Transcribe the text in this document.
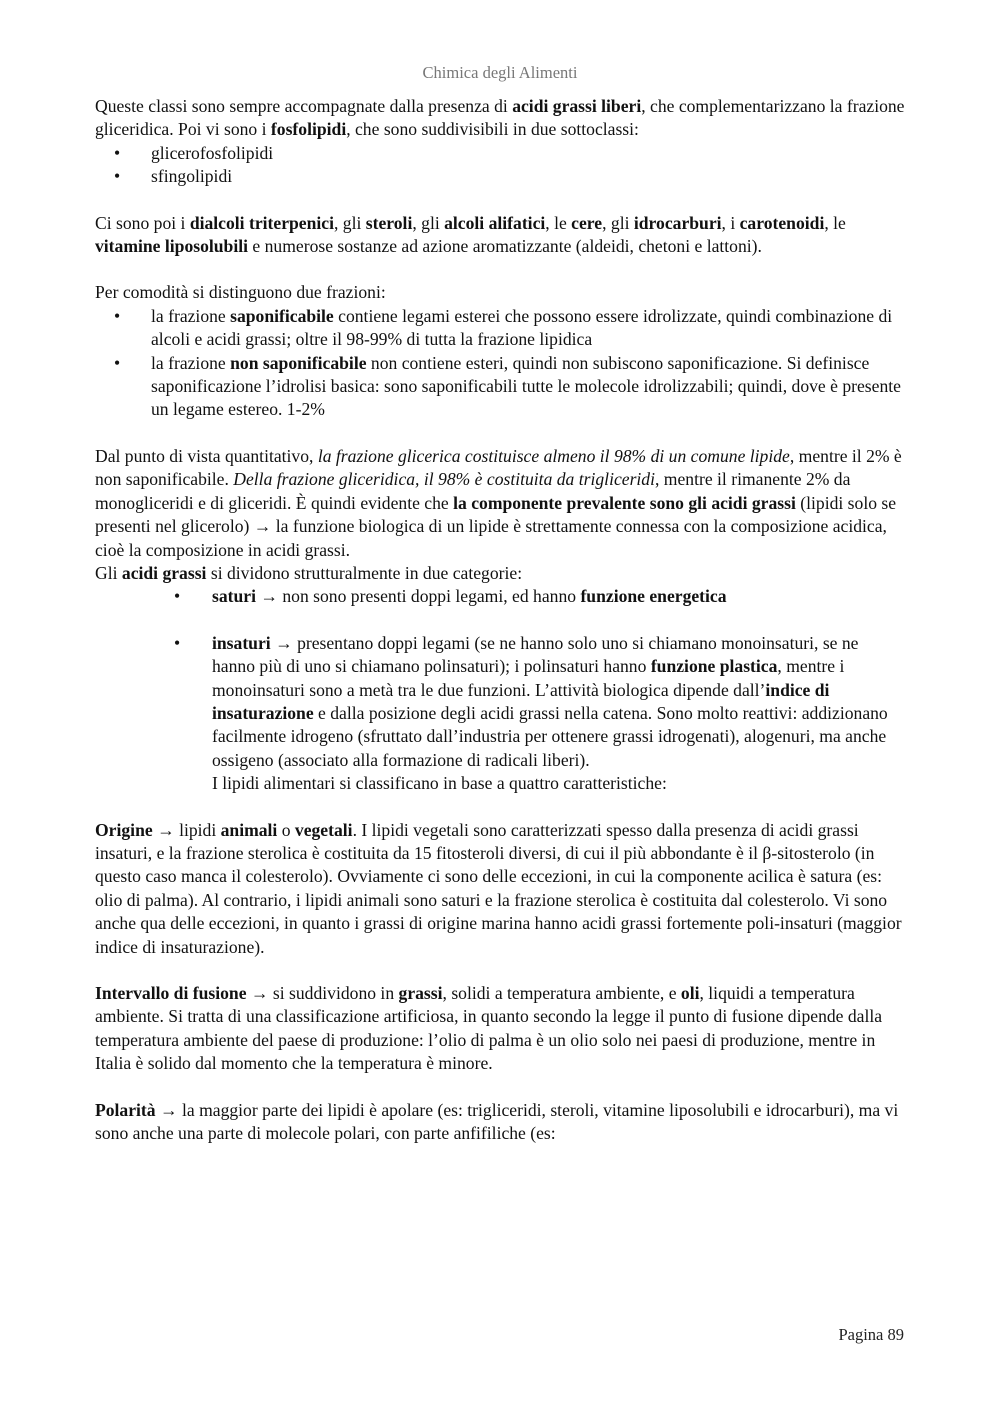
Chimica degli Alimenti

Queste classi sono sempre accompagnate dalla presenza di acidi grassi liberi, che complementarizzano la frazione gliceridica. Poi vi sono i fosfolipidi, che sono suddivisibili in due sottoclassi:

• glicerofosfolipidi
• sfingolipidi

Ci sono poi i dialcoli triterpenici, gli steroli, gli alcoli alifatici, le cere, gli idrocarburi, i carotenoidi, le vitamine liposolubili e numerose sostanze ad azione aromatizzante (aldeidi, chetoni e lattoni).

Per comodità si distinguono due frazioni:

• la frazione saponificabile contiene legami esterei che possono essere idrolizzate, quindi combinazione di alcoli e acidi grassi; oltre il 98-99% di tutta la frazione lipidica
• la frazione non saponificabile non contiene esteri, quindi non subiscono saponificazione. Si definisce saponificazione l’idrolisi basica: sono saponificabili tutte le molecole idrolizzabili; quindi, dove è presente un legame estereo. 1-2%

Dal punto di vista quantitativo, la frazione glicerica costituisce almeno il 98% di un comune lipide, mentre il 2% è non saponificabile. Della frazione gliceridica, il 98% è costituita da trigliceridi, mentre il rimanente 2% da monogliceridi e di gliceridi. È quindi evidente che la componente prevalente sono gli acidi grassi (lipidi solo se presenti nel glicerolo) → la funzione biologica di un lipide è strettamente connessa con la composizione acidica, cioè la composizione in acidi grassi.

Gli acidi grassi si dividono strutturalmente in due categorie:

• saturi → non sono presenti doppi legami, ed hanno funzione energetica
• insaturi → presentano doppi legami (se ne hanno solo uno si chiamano monoinsaturi, se ne hanno più di uno si chiamano polinsaturi); i polinsaturi hanno funzione plastica, mentre i monoinsaturi sono a metà tra le due funzioni. L’attività biologica dipende dall’indice di insaturazione e dalla posizione degli acidi grassi nella catena. Sono molto reattivi: addizionano facilmente idrogeno (sfruttato dall’industria per ottenere grassi idrogenati), alogenuri, ma anche ossigeno (associato alla formazione di radicali liberi).

I lipidi alimentari si classificano in base a quattro caratteristiche:

Origine → lipidi animali o vegetali. I lipidi vegetali sono caratterizzati spesso dalla presenza di acidi grassi insaturi, e la frazione sterolica è costituita da 15 fitosteroli diversi, di cui il più abbondante è il β-sitosterolo (in questo caso manca il colesterolo). Ovviamente ci sono delle eccezioni, in cui la componente acilica è satura (es: olio di palma). Al contrario, i lipidi animali sono saturi e la frazione sterolica è costituita dal colesterolo. Vi sono anche qua delle eccezioni, in quanto i grassi di origine marina hanno acidi grassi fortemente poli-insaturi (maggior indice di insaturazione).

Intervallo di fusione → si suddividono in grassi, solidi a temperatura ambiente, e oli, liquidi a temperatura ambiente. Si tratta di una classificazione artificiosa, in quanto secondo la legge il punto di fusione dipende dalla temperatura ambiente del paese di produzione: l’olio di palma è un olio solo nei paesi di produzione, mentre in Italia è solido dal momento che la temperatura è minore.

Polarità → la maggior parte dei lipidi è apolare (es: trigliceridi, steroli, vitamine liposolubili e idrocarburi), ma vi sono anche una parte di molecole polari, con parte anfifiliche (es:

Pagina 89
